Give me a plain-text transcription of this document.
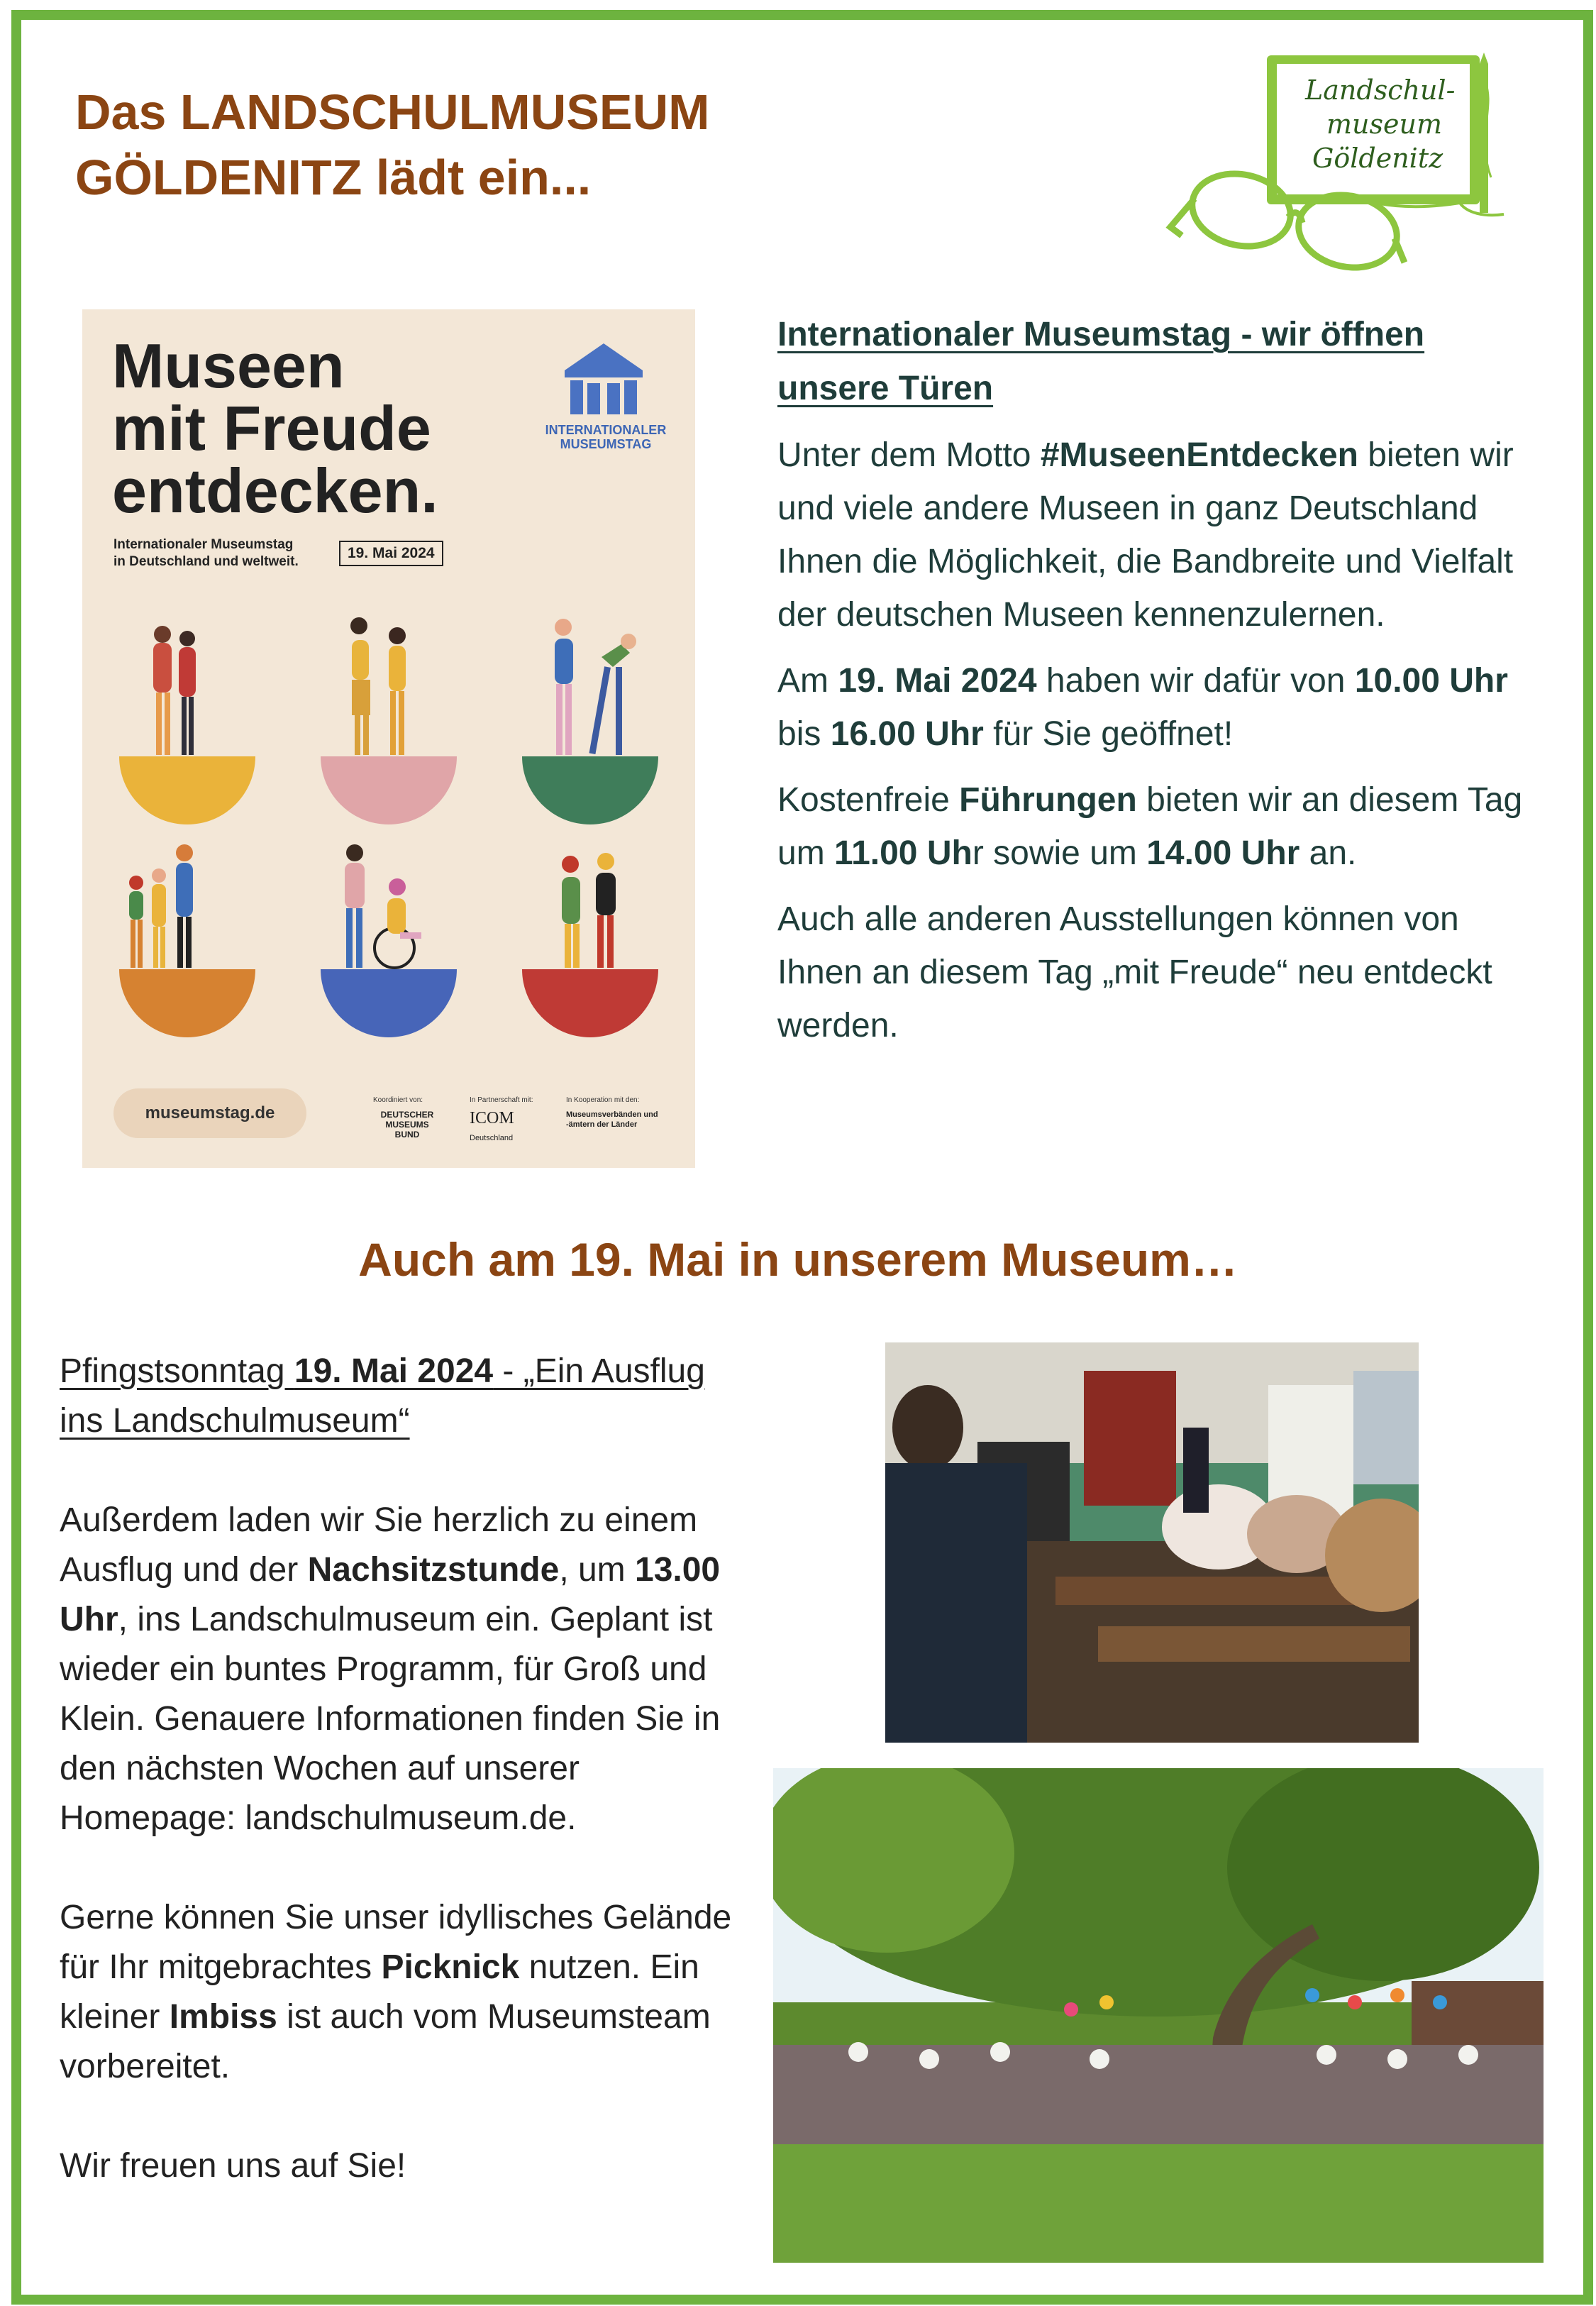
Das LANDSCHULMUSEUM
GÖLDENITZ lädt ein...
Landschul-
museum
Göldenitz
Museen
mit Freude
entdecken.
Internationaler Museumstag
in Deutschland und weltweit.
19. Mai 2024
INTERNATIONALER
MUSEUMSTAG
museumstag.de
Koordiniert von:
DEUTSCHER MUSEUMS BUND
In Partnerschaft mit:
ICOM
Deutschland
In Kooperation mit den:
Museumsverbänden und -ämtern der Länder
Internationaler Museumstag - wir öffnen unsere Türen

Unter dem Motto #MuseenEntdecken bieten wir und viele andere Museen in ganz Deutschland Ihnen die Möglichkeit, die Bandbreite und Vielfalt der deutschen Museen kennenzulernen.

Am 19. Mai 2024 haben wir dafür von 10.00 Uhr bis 16.00 Uhr für Sie geöffnet!

Kostenfreie Führungen bieten wir an diesem Tag um 11.00 Uhr sowie um 14.00 Uhr an.

Auch alle anderen Ausstellungen können von Ihnen an diesem Tag „mit Freude“ neu entdeckt werden.

Auch am 19. Mai in unserem Museum…

Pfingstsonntag 19. Mai 2024 - „Ein Ausflug ins Landschulmuseum“

Außerdem laden wir Sie herzlich zu einem Ausflug und der Nachsitzstunde, um 13.00 Uhr, ins Landschulmuseum ein. Geplant ist wieder ein buntes Programm, für Groß und Klein. Genauere Informationen finden Sie in den nächsten Wochen auf unserer Homepage: landschulmuseum.de.

Gerne können Sie unser idyllisches Gelände für Ihr mitgebrachtes Picknick nutzen. Ein kleiner Imbiss ist auch vom Museumsteam vorbereitet.

Wir freuen uns auf Sie!
